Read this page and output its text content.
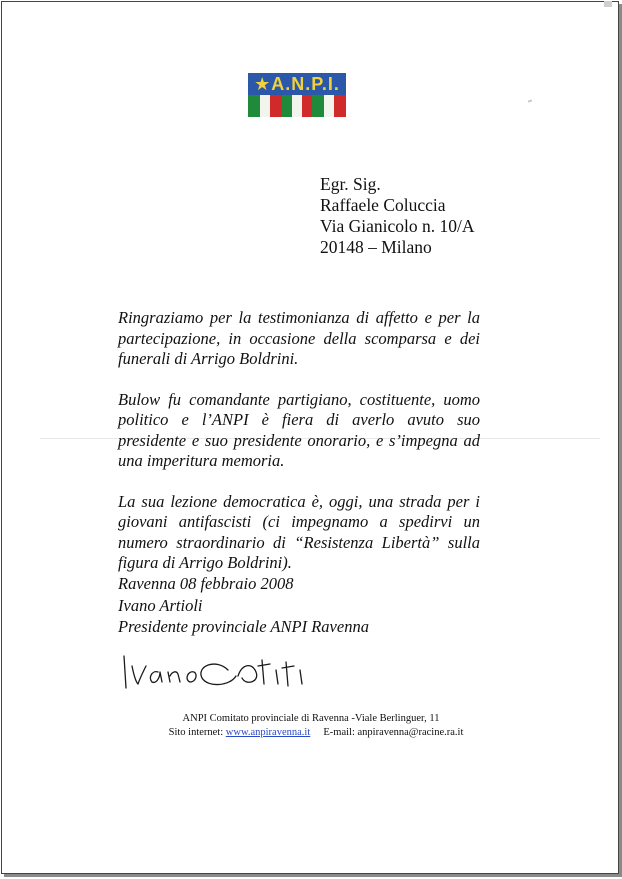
★A.N.P.I.
Egr. Sig.
Raffaele Coluccia
Via Gianicolo n. 10/A
20148 – Milano

Ringraziamo per la testimonianza di affetto e per la partecipazione, in occasione della scomparsa e dei funerali di Arrigo Boldrini.

Bulow fu comandante partigiano, costituente, uomo politico e l’ANPI è fiera di averlo avuto suo presidente e suo presidente onorario, e s’impegna ad una imperitura memoria.

La sua lezione democratica è, oggi, una strada per i giovani antifascisti (ci impegnamo a spedirvi un numero straordinario di “Resistenza Libertà” sulla figura di Arrigo Boldrini).

Ravenna 08 febbraio 2008
Ivano Artioli
Presidente provinciale ANPI Ravenna
ANPI Comitato provinciale di Ravenna -Viale Berlinguer, 11
Sito internet: www.anpiravenna.it E-mail: anpiravenna@racine.ra.it
